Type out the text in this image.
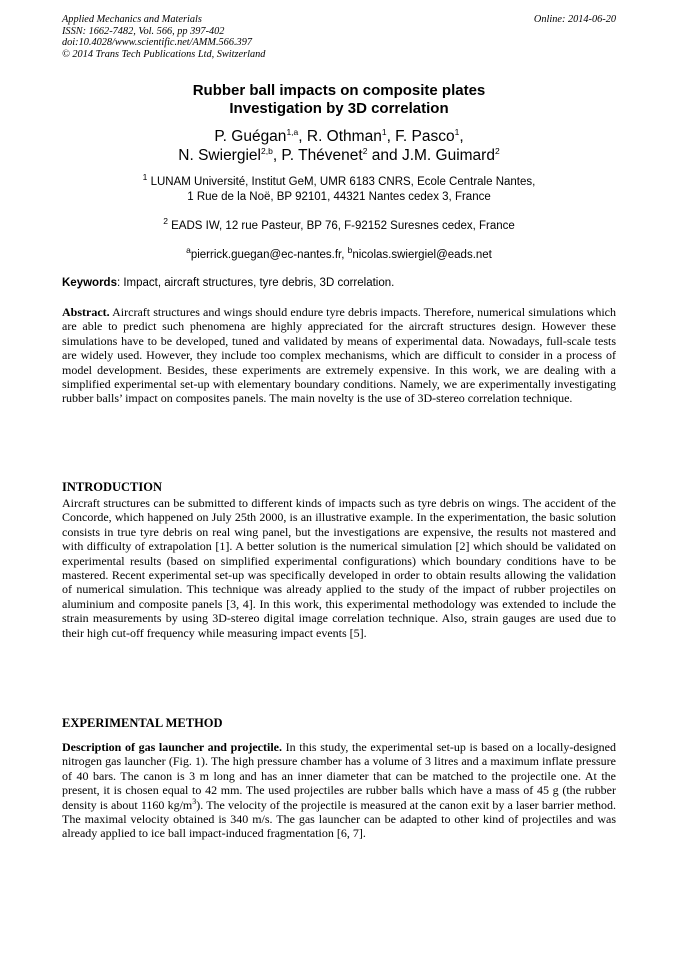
Applied Mechanics and Materials
ISSN: 1662-7482, Vol. 566, pp 397-402
doi:10.4028/www.scientific.net/AMM.566.397
© 2014 Trans Tech Publications Ltd, Switzerland
Online: 2014-06-20
Rubber ball impacts on composite plates
Investigation by 3D correlation
P. Guégan$^{1,a}$, R. Othman$^1$, F. Pasco$^1$,
N. Swiergiel$^{2,b}$, P. Thévenet$^2$ and J.M. Guimard$^2$
$^1$ LUNAM Université, Institut GeM, UMR 6183 CNRS, Ecole Centrale Nantes,
1 Rue de la Noë, BP 92101, 44321 Nantes cedex 3, France
$^2$ EADS IW, 12 rue Pasteur, BP 76, F-92152 Suresnes cedex, France
$^a$pierrick.guegan@ec-nantes.fr, $^b$nicolas.swiergiel@eads.net
Keywords: Impact, aircraft structures, tyre debris, 3D correlation.
Abstract. Aircraft structures and wings should endure tyre debris impacts. Therefore, numerical simulations which are able to predict such phenomena are highly appreciated for the aircraft structures design. However these simulations have to be developed, tuned and validated by means of experimental data. Nowadays, full-scale tests are widely used. However, they include too complex mechanisms, which are difficult to consider in a process of model development. Besides, these experiments are extremely expensive. In this work, we are dealing with a simplified experimental set-up with elementary boundary conditions. Namely, we are experimentally investigating rubber balls’ impact on composites panels. The main novelty is the use of 3D-stereo correlation technique.
INTRODUCTION
Aircraft structures can be submitted to different kinds of impacts such as tyre debris on wings. The accident of the Concorde, which happened on July 25th 2000, is an illustrative example. In the experimentation, the basic solution consists in true tyre debris on real wing panel, but the investigations are expensive, the results not mastered and with difficulty of extrapolation [1]. A better solution is the numerical simulation [2] which should be validated on experimental results (based on simplified experimental configurations) which boundary conditions have to be mastered. Recent experimental set-up was specifically developed in order to obtain results allowing the validation of numerical simulation. This technique was already applied to the study of the impact of rubber projectiles on aluminium and composite panels [3, 4]. In this work, this experimental methodology was extended to include the strain measurements by using 3D-stereo digital image correlation technique. Also, strain gauges are used due to their high cut-off frequency while measuring impact events [5].
EXPERIMENTAL METHOD
Description of gas launcher and projectile. In this study, the experimental set-up is based on a locally-designed nitrogen gas launcher (Fig. 1). The high pressure chamber has a volume of 3 litres and a maximum inflate pressure of 40 bars. The canon is 3 m long and has an inner diameter that can be matched to the projectile one. At the present, it is chosen equal to 42 mm. The used projectiles are rubber balls which have a mass of 45 g (the rubber density is about 1160 $kg/m^3$). The velocity of the projectile is measured at the canon exit by a laser barrier method. The maximal velocity obtained is 340 m/s. The gas launcher can be adapted to other kind of projectiles and was already applied to ice ball impact-induced fragmentation [6, 7].
